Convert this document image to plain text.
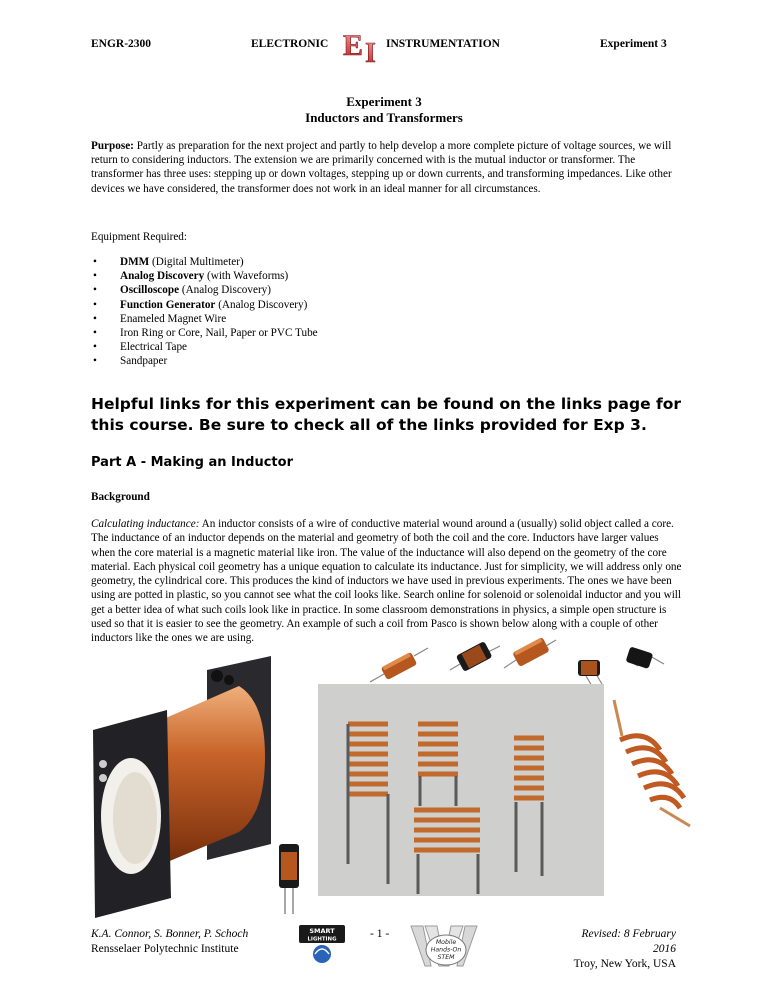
ENGR-2300	ELECTRONIC E I INSTRUMENTATION	Experiment 3
Experiment 3
Inductors and Transformers

Purpose: Partly as preparation for the next project and partly to help develop a more complete picture of voltage sources, we will return to considering inductors. The extension we are primarily concerned with is the mutual inductor or transformer. The transformer has three uses: stepping up or down voltages, stepping up or down currents, and transforming impedances. Like other devices we have considered, the transformer does not work in an ideal manner for all circumstances.

Equipment Required:

• DMM (Digital Multimeter)
• Analog Discovery (with Waveforms)
• Oscilloscope (Analog Discovery)
• Function Generator (Analog Discovery)
• Enameled Magnet Wire
• Iron Ring or Core, Nail, Paper or PVC Tube
• Electrical Tape
• Sandpaper

Helpful links for this experiment can be found on the links page for this course. Be sure to check all of the links provided for Exp 3.

Part A - Making an Inductor
Background

Calculating inductance: An inductor consists of a wire of conductive material wound around a (usually) solid object called a core. The inductance of an inductor depends on the material and geometry of both the coil and the core. Inductors have larger values when the core material is a magnetic material like iron. The value of the inductance will also depend on the geometry of the core material. Each physical coil geometry has a unique equation to calculate its inductance. Just for simplicity, we will address only one geometry, the cylindrical core. This produces the kind of inductors we have used in previous experiments. The ones we have been using are potted in plastic, so you cannot see what the coil looks like. Search online for solenoid or solenoidal inductor and you will get a better idea of what such coils look like in practice. In some classroom demonstrations in physics, a simple open structure is used so that it is easier to see the geometry. An example of such a coil from Pasco is shown below along with a couple of other inductors like the ones we are using.

K.A. Connor, S. Bonner, P. Schoch
Rensselaer Polytechnic Institute
SMART
LIGHTING	- 1 -
Mobile
Hands-On
STEM
Revised: 8 February 2016
Troy, New York, USA
